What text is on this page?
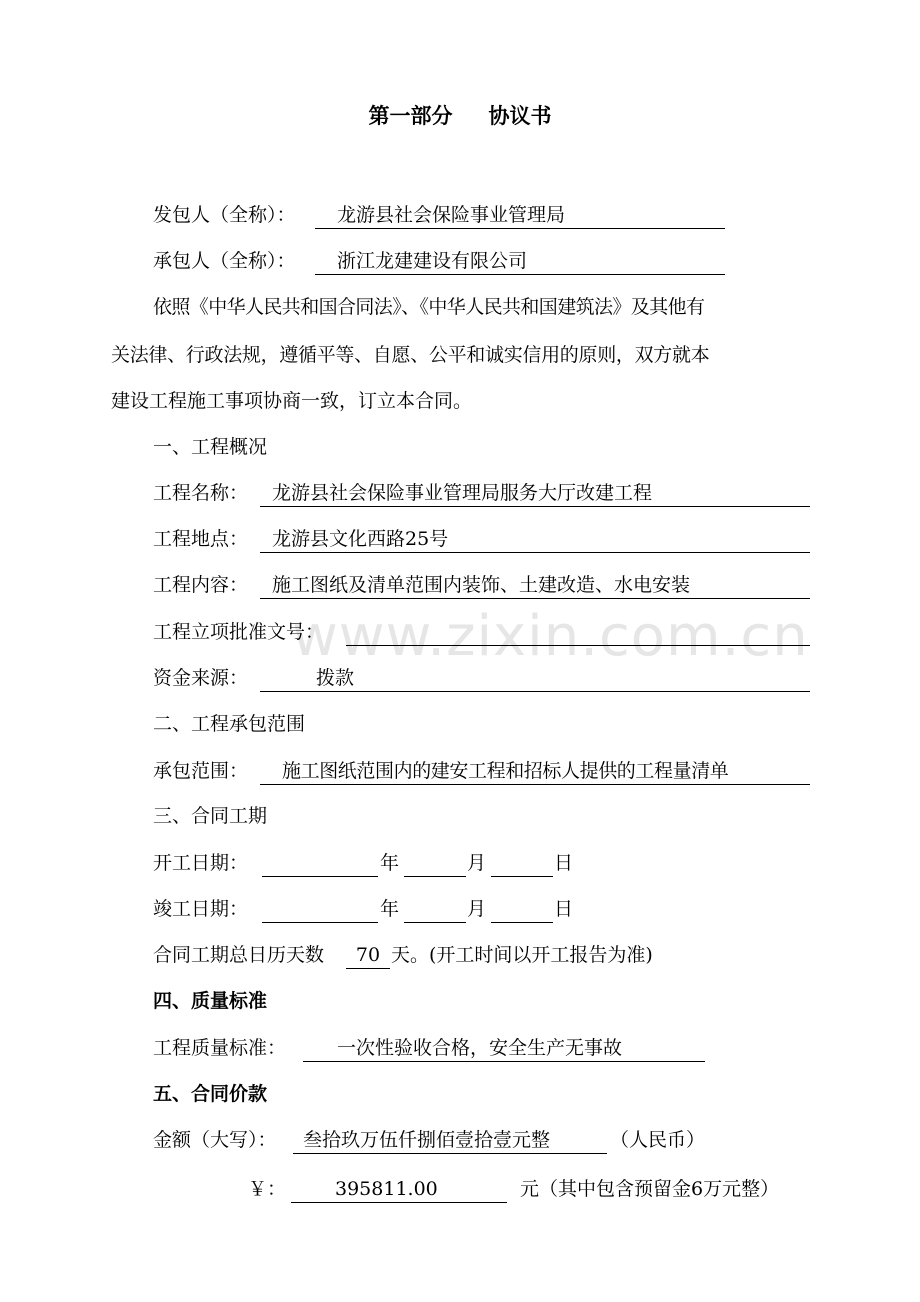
www.zixin.com.cn
第一部分 协议书
发包人（全称）：	龙游县社会保险事业管理局
承包人（全称）：	浙江龙建建设有限公司
依照《中华人民共和国合同法》、《中华人民共和国建筑法》及其他有
关法律、行政法规，遵循平等、自愿、公平和诚实信用的原则，双方就本
建设工程施工事项协商一致，订立本合同。
一、工程概况
工程名称：	龙游县社会保险事业管理局服务大厅改建工程
工程地点：	龙游县文化西路25号
工程内容：	施工图纸及清单范围内装饰、土建改造、水电安装
工程立项批准文号：
资金来源：	拨款
二、工程承包范围
承包范围：	施工图纸范围内的建安工程和招标人提供的工程量清单
三、合同工期
开工日期：	年	月	日
竣工日期：	年	月	日
合同工期总日历天数	70 天。(开工时间以开工报告为准)
四、质量标准
工程质量标准：	一次性验收合格，安全生产无事故
五、合同价款
金额（大写）：	叁拾玖万伍仟捌佰壹拾壹元整	（人民币）
￥：	395811.00	元（其中包含预留金6万元整）
